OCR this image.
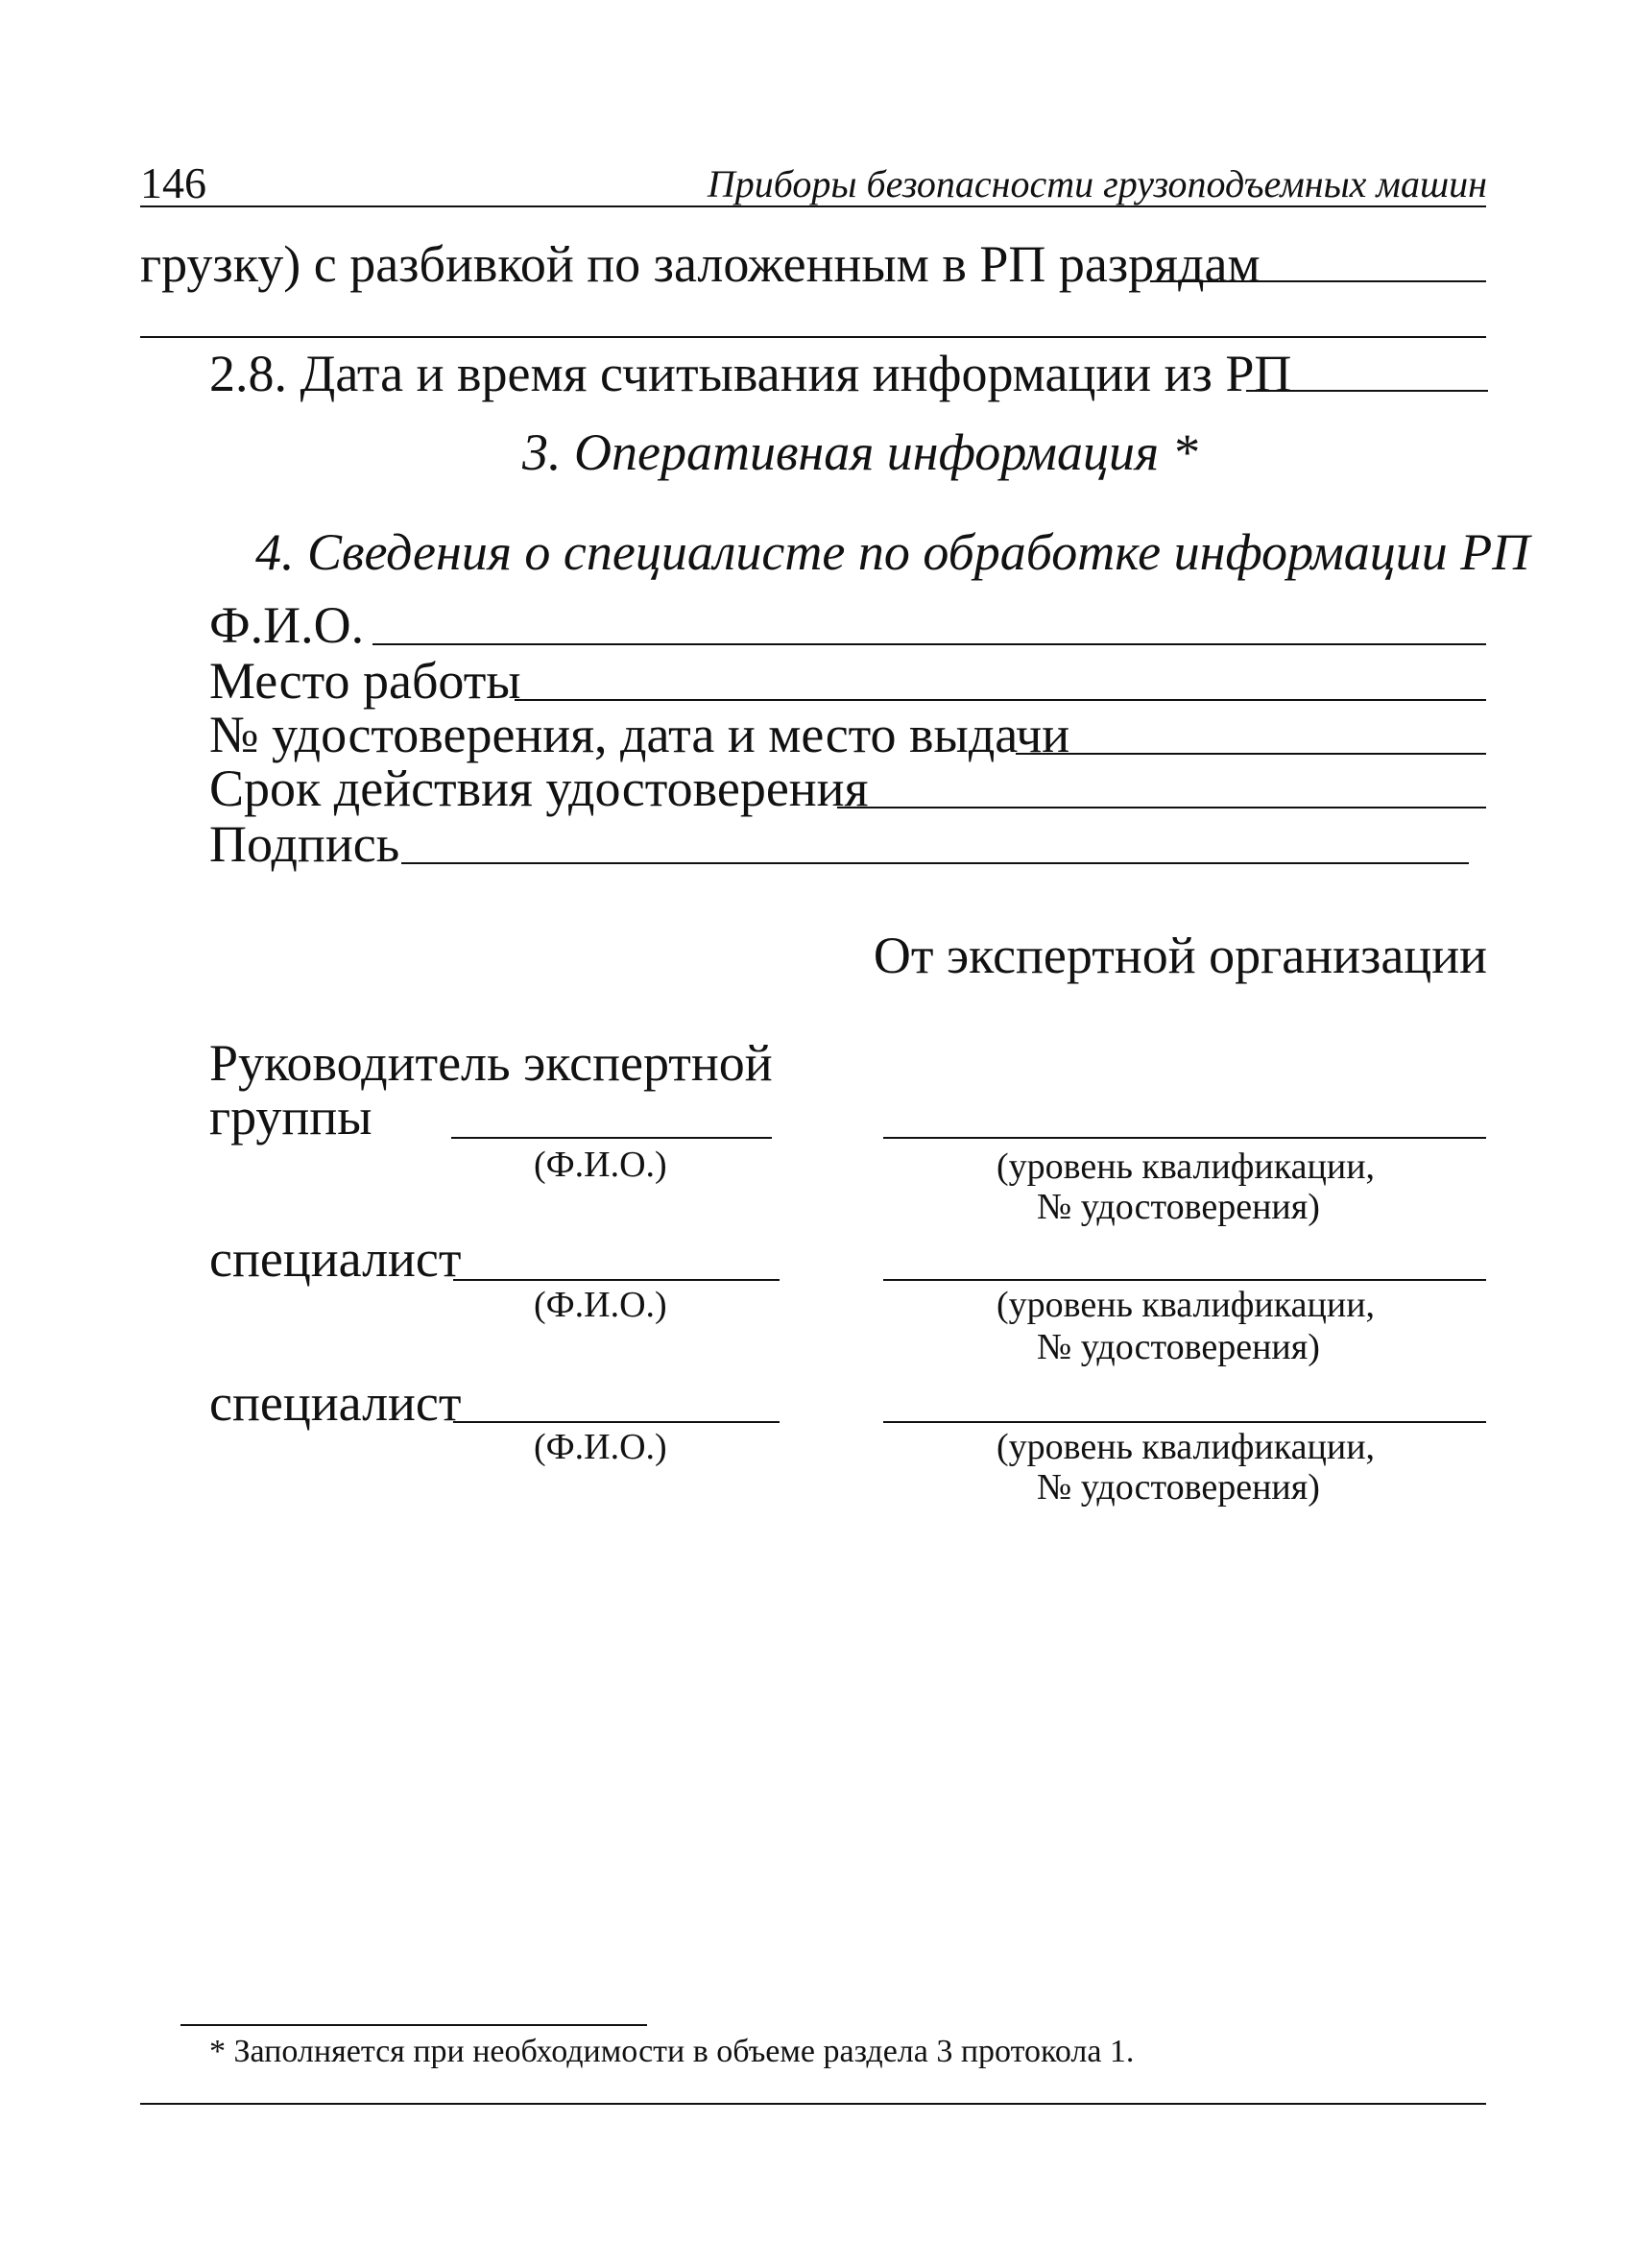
146	Приборы безопасности грузоподъемных машин
грузку) с разбивкой по заложенным в РП разрядам
2.8. Дата и время считывания информации из РП
3. Оперативная информация *
4. Сведения о специалисте по обработке информации РП
Ф.И.О.
Место работы
№ удостоверения, дата и место выдачи
Срок действия удостоверения
Подпись
От экспертной организации
Руководитель экспертной
группы
(Ф.И.О.)	(уровень квалификации,
№ удостоверения)
специалист
(Ф.И.О.)	(уровень квалификации,
№ удостоверения)
специалист
(Ф.И.О.)	(уровень квалификации,
№ удостоверения)
* Заполняется при необходимости в объеме раздела 3 протокола 1.
